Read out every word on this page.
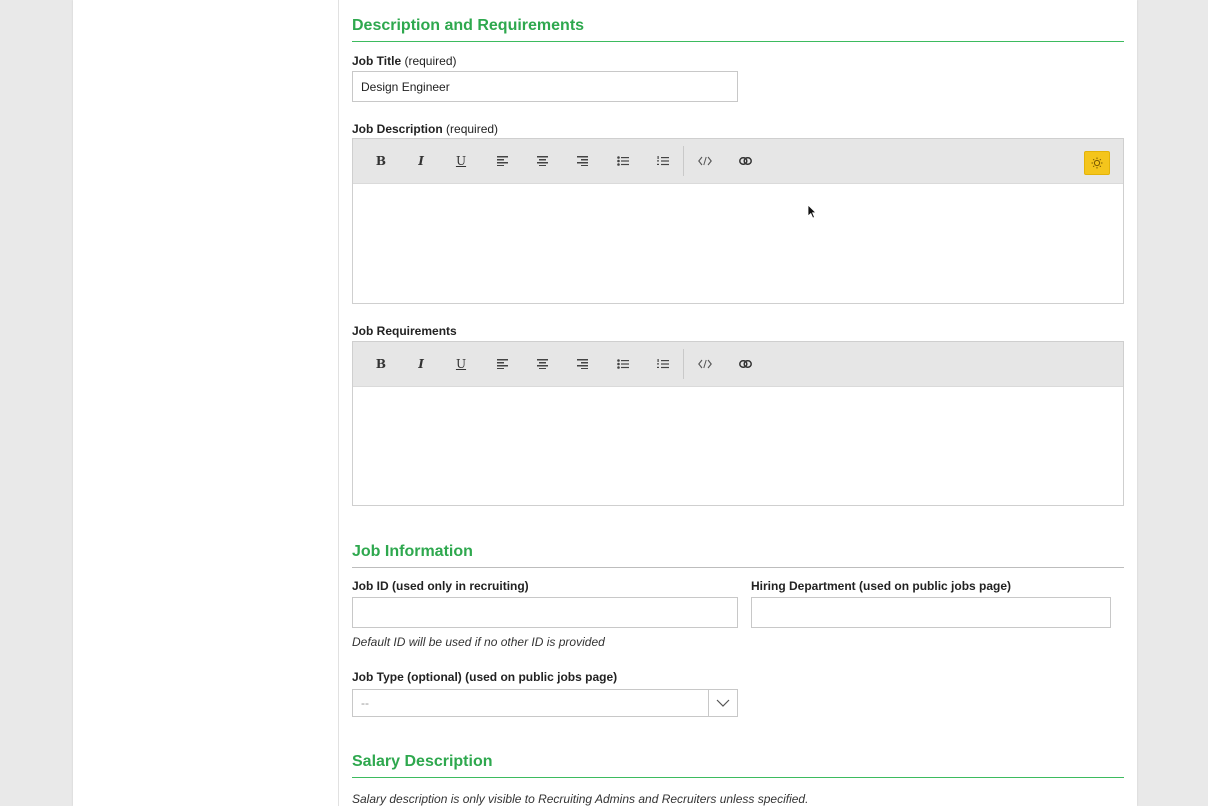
Description and Requirements
Job Title (required)
Design Engineer
Job Description (required)
B	I	U
Job Requirements
B	I	U
Job Information
Job ID (used only in recruiting)
Default ID will be used if no other ID is provided
Hiring Department (used on public jobs page)
Job Type (optional) (used on public jobs page)
--
Salary Description
Salary description is only visible to Recruiting Admins and Recruiters unless specified.
